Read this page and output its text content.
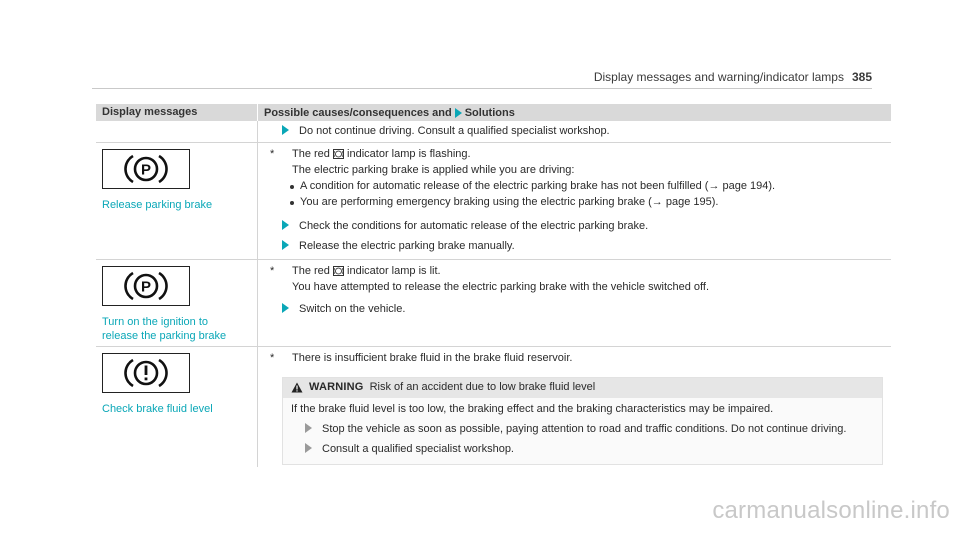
Display messages and warning/indicator lamps 385
Display messages	Possible causes/consequences and Solutions
Do not continue driving. Consult a qualified specialist workshop.
P
Release parking brake
* The red indicator lamp is flashing.
The electric parking brake is applied while you are driving:
A condition for automatic release of the electric parking brake has not been fulfilled (→ page 194).
You are performing emergency braking using the electric parking brake (→ page 195).
Check the conditions for automatic release of the electric parking brake.
Release the electric parking brake manually.
P
Turn on the ignition to
release the parking brake
* The red indicator lamp is lit.
You have attempted to release the electric parking brake with the vehicle switched off.
Switch on the vehicle.
Check brake fluid level
* There is insufficient brake fluid in the brake fluid reservoir.
WARNING Risk of an accident due to low brake fluid level
If the brake fluid level is too low, the braking effect and the braking characteristics may be impaired.
Stop the vehicle as soon as possible, paying attention to road and traffic conditions. Do not continue driving.
Consult a qualified specialist workshop.
carmanualsonline.info
